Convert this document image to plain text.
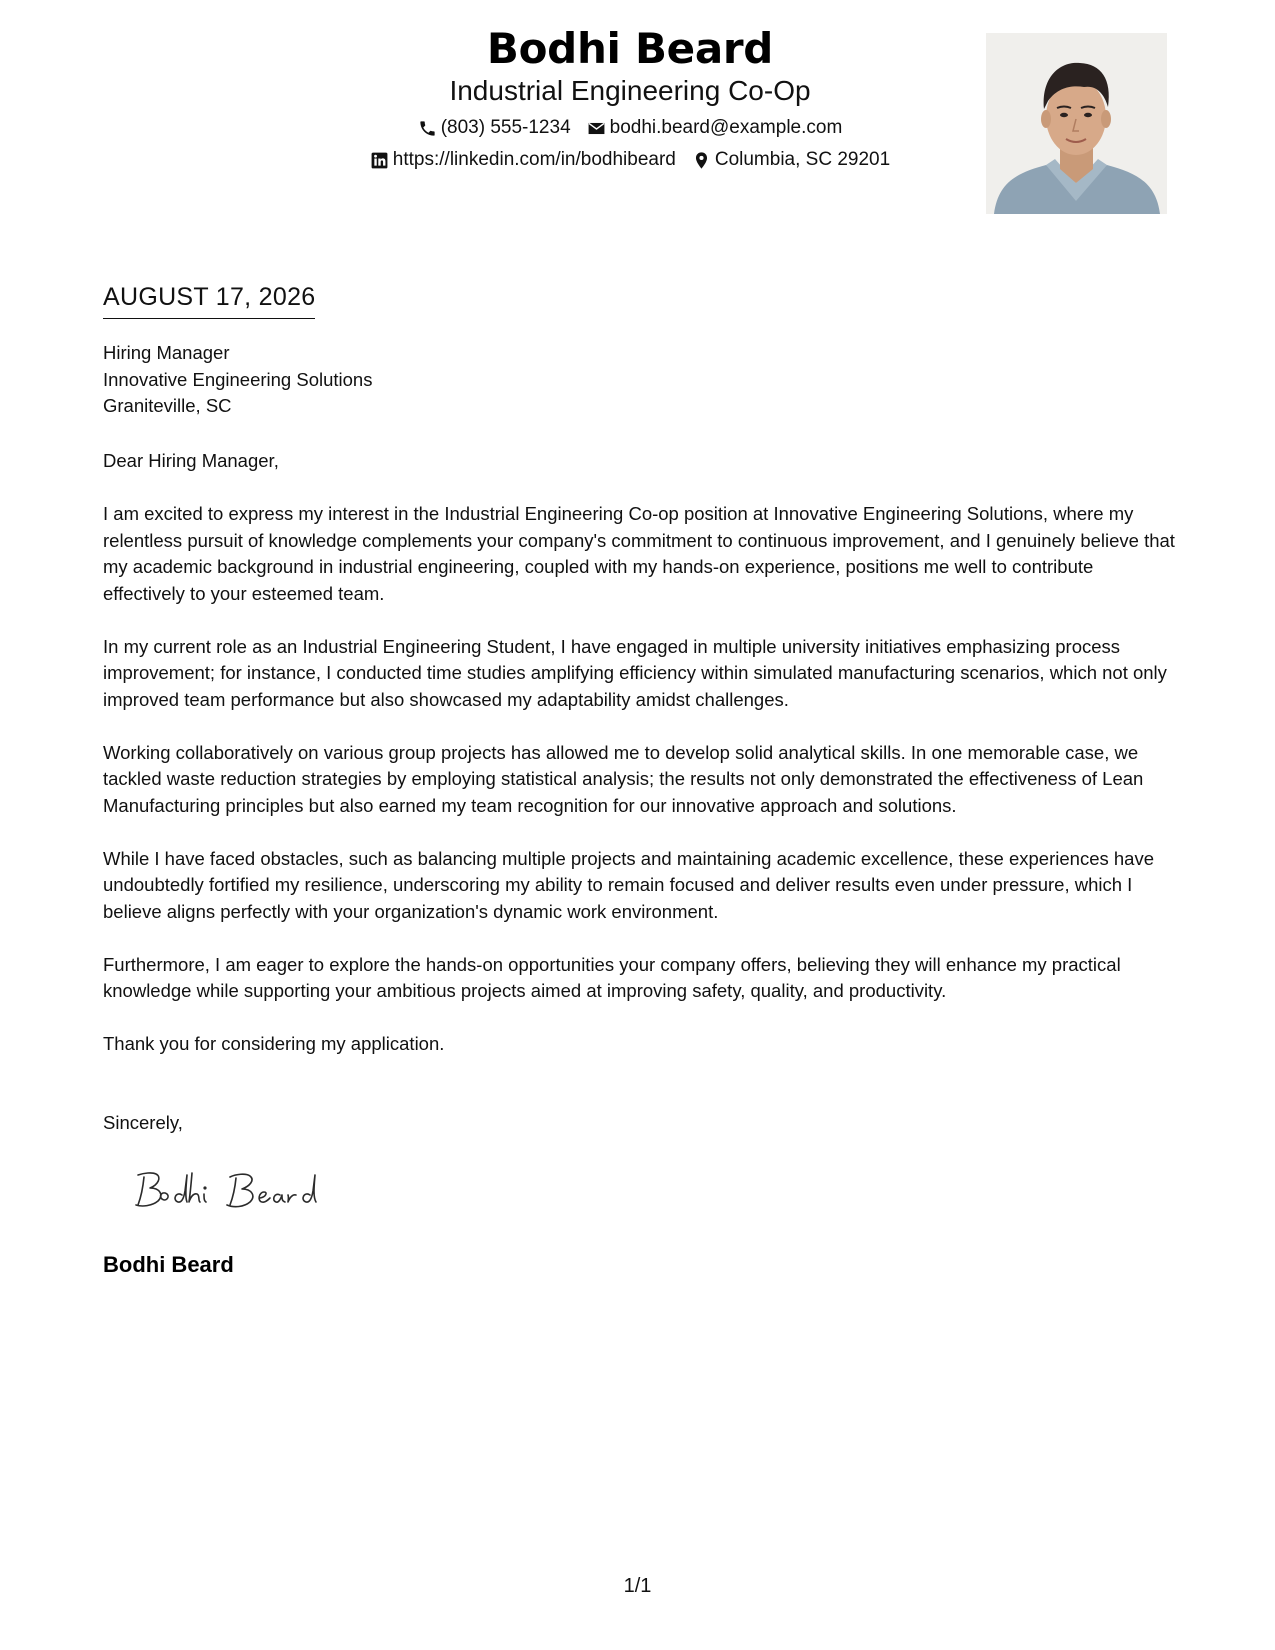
Bodhi Beard
Industrial Engineering Co-Op
(803) 555-1234 bodhi.beard@example.com
https://linkedin.com/in/bodhibeard Columbia, SC 29201
AUGUST 17, 2026
Hiring Manager
Innovative Engineering Solutions
Graniteville, SC

Dear Hiring Manager,

I am excited to express my interest in the Industrial Engineering Co-op position at Innovative Engineering Solutions, where my relentless pursuit of knowledge complements your company's commitment to continuous improvement, and I genuinely believe that my academic background in industrial engineering, coupled with my hands-on experience, positions me well to contribute effectively to your esteemed team.

In my current role as an Industrial Engineering Student, I have engaged in multiple university initiatives emphasizing process improvement; for instance, I conducted time studies amplifying efficiency within simulated manufacturing scenarios, which not only improved team performance but also showcased my adaptability amidst challenges.

Working collaboratively on various group projects has allowed me to develop solid analytical skills. In one memorable case, we tackled waste reduction strategies by employing statistical analysis; the results not only demonstrated the effectiveness of Lean Manufacturing principles but also earned my team recognition for our innovative approach and solutions.

While I have faced obstacles, such as balancing multiple projects and maintaining academic excellence, these experiences have undoubtedly fortified my resilience, underscoring my ability to remain focused and deliver results even under pressure, which I believe aligns perfectly with your organization's dynamic work environment.

Furthermore, I am eager to explore the hands-on opportunities your company offers, believing they will enhance my practical knowledge while supporting your ambitious projects aimed at improving safety, quality, and productivity.

Thank you for considering my application.

Sincerely,
Bodhi Beard
1/1
